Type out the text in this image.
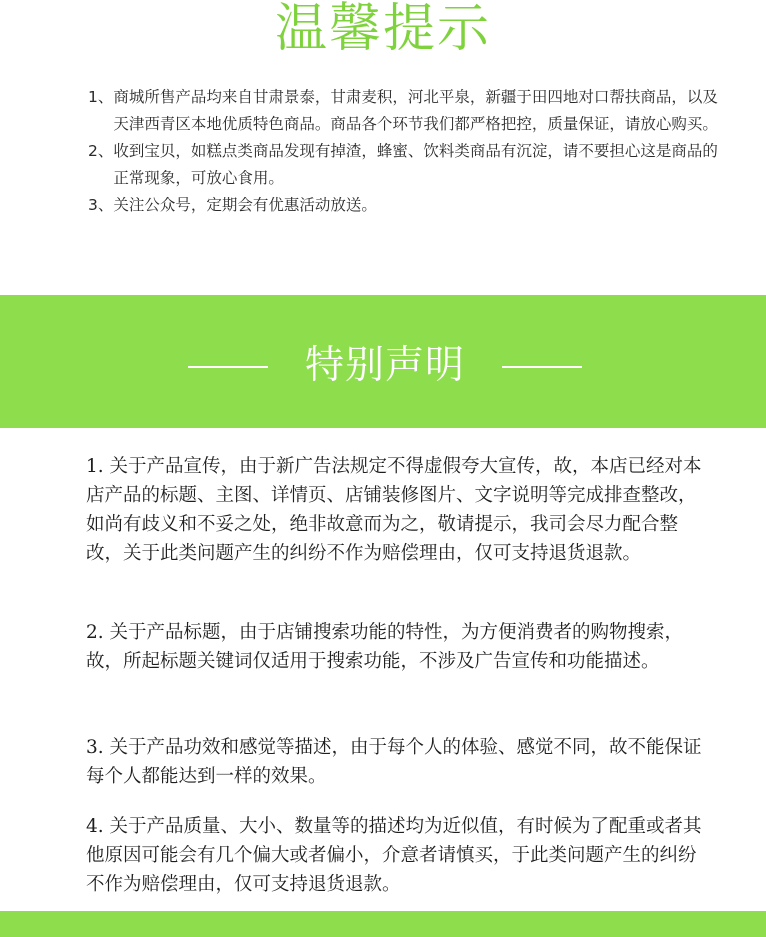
温馨提示
1、 商城所售产品均来自甘肃景泰，甘肃麦积，河北平泉，新疆于田四地对口帮扶商品，以及天津西青区本地优质特色商品。商品各个环节我们都严格把控，质量保证，请放心购买。
2、 收到宝贝，如糕点类商品发现有掉渣，蜂蜜、饮料类商品有沉淀，请不要担心这是商品的正常现象，可放心食用。
3、 关注公众号，定期会有优惠活动放送。
特别声明

1. 关于产品宣传，由于新广告法规定不得虚假夸大宣传，故，本店已经对本店产品的标题、主图、详情页、店铺装修图片、文字说明等完成排查整改，如尚有歧义和不妥之处，绝非故意而为之，敬请提示，我司会尽力配合整改，关于此类问题产生的纠纷不作为赔偿理由，仅可支持退货退款。

2. 关于产品标题，由于店铺搜索功能的特性，为方便消费者的购物搜索，故，所起标题关键词仅适用于搜索功能，不涉及广告宣传和功能描述。

3. 关于产品功效和感觉等描述，由于每个人的体验、感觉不同，故不能保证每个人都能达到一样的效果。

4. 关于产品质量、大小、数量等的描述均为近似值，有时候为了配重或者其他原因可能会有几个偏大或者偏小，介意者请慎买，于此类问题产生的纠纷不作为赔偿理由，仅可支持退货退款。
